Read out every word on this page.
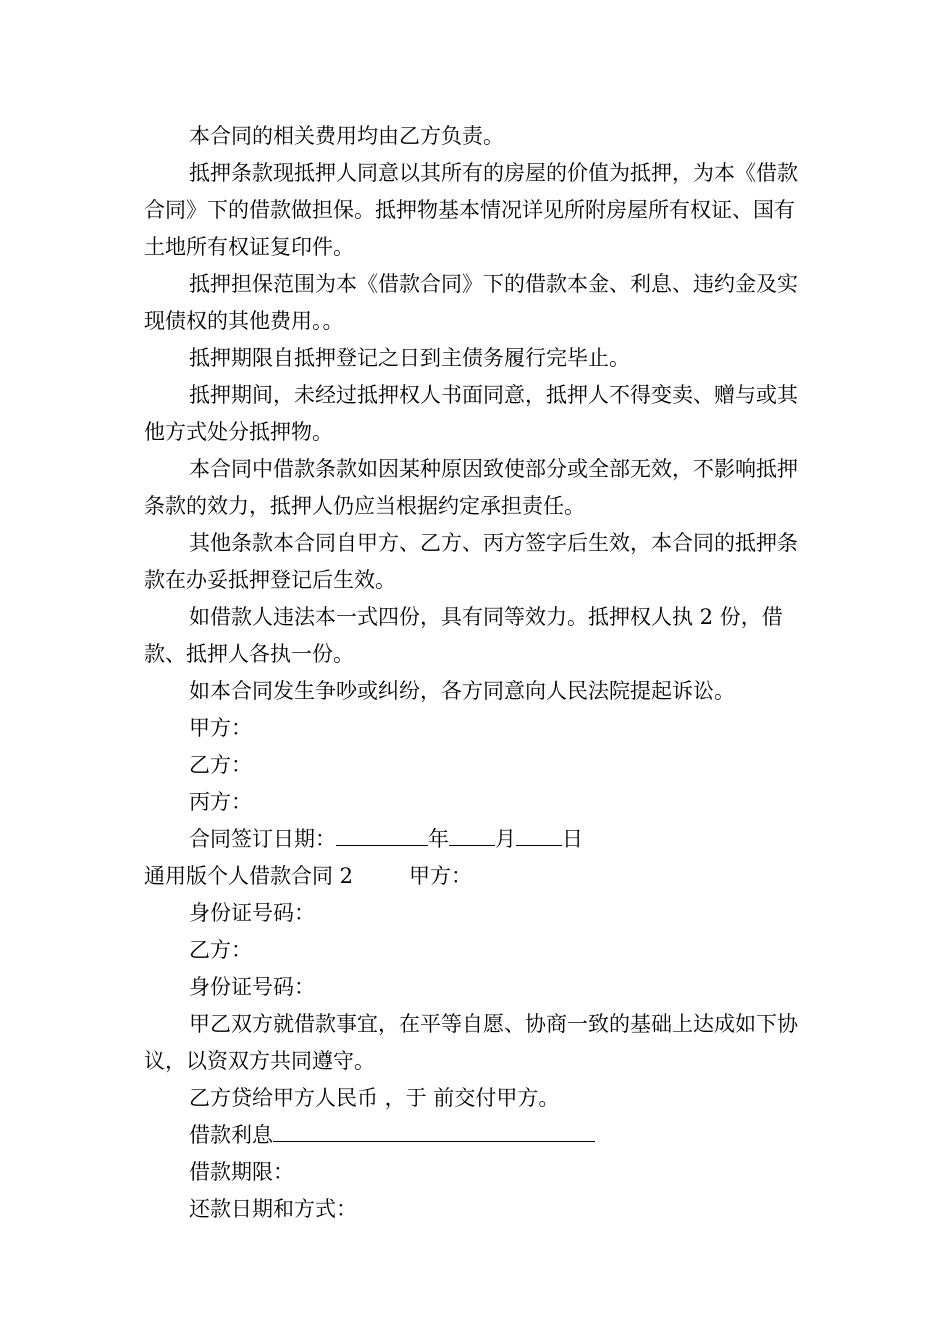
本合同的相关费用均由乙方负责。

抵押条款现抵押人同意以其所有的房屋的价值为抵押，为本《借款合同》下的借款做担保。抵押物基本情况详见所附房屋所有权证、国有土地所有权证复印件。

抵押担保范围为本《借款合同》下的借款本金、利息、违约金及实现债权的其他费用。。

抵押期限自抵押登记之日到主债务履行完毕止。

抵押期间，未经过抵押权人书面同意，抵押人不得变卖、赠与或其他方式处分抵押物。

本合同中借款条款如因某种原因致使部分或全部无效，不影响抵押条款的效力，抵押人仍应当根据约定承担责任。

其他条款本合同自甲方、乙方、丙方签字后生效，本合同的抵押条款在办妥抵押登记后生效。

如借款人违法本一式四份，具有同等效力。抵押权人执 2 份，借款、抵押人各执一份。

如本合同发生争吵或纠纷，各方同意向人民法院提起诉讼。

甲方：

乙方：

丙方：

合同签订日期：	年 月 日

通用版个人借款合同 2	甲方：

身份证号码：

乙方：

身份证号码：

甲乙双方就借款事宜，在平等自愿、协商一致的基础上达成如下协议，以资双方共同遵守。

乙方贷给甲方人民币 ，于 前交付甲方。

借款利息

借款期限：

还款日期和方式：
